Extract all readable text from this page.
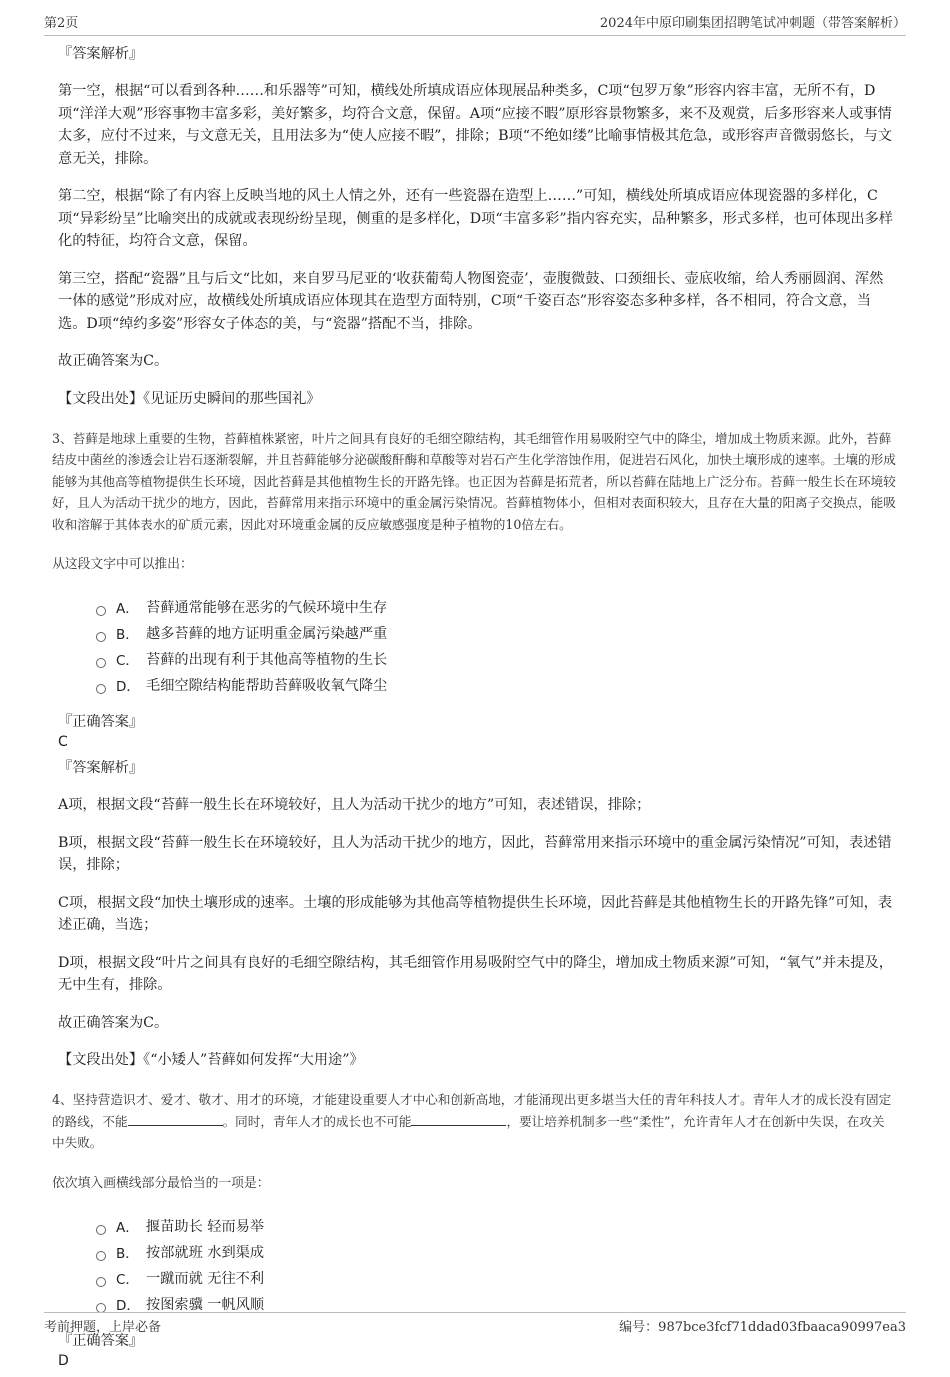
第2页	2024年中原印刷集团招聘笔试冲刺题（带答案解析）
『答案解析』

第一空，根据“可以看到各种……和乐器等”可知，横线处所填成语应体现展品种类多，C项“包罗万象”形容内容丰富，无所不有，D项“洋洋大观”形容事物丰富多彩，美好繁多，均符合文意，保留。A项“应接不暇”原形容景物繁多，来不及观赏，后多形容来人或事情太多，应付不过来，与文意无关，且用法多为“使人应接不暇”，排除；B项“不绝如缕”比喻事情极其危急，或形容声音微弱悠长，与文意无关，排除。

第二空，根据“除了有内容上反映当地的风土人情之外，还有一些瓷器在造型上……”可知，横线处所填成语应体现瓷器的多样化，C项“异彩纷呈”比喻突出的成就或表现纷纷呈现，侧重的是多样化，D项“丰富多彩”指内容充实，品种繁多，形式多样，也可体现出多样化的特征，均符合文意，保留。

第三空，搭配“瓷器”且与后文“比如，来自罗马尼亚的‘收获葡萄人物图瓷壶’，壶腹微鼓、口颈细长、壶底收缩，给人秀丽圆润、浑然一体的感觉”形成对应，故横线处所填成语应体现其在造型方面特别，C项“千姿百态”形容姿态多种多样，各不相同，符合文意，当选。D项“绰约多姿”形容女子体态的美，与“瓷器”搭配不当，排除。

故正确答案为C。

【文段出处】《见证历史瞬间的那些国礼》

3、苔藓是地球上重要的生物，苔藓植株紧密，叶片之间具有良好的毛细空隙结构，其毛细管作用易吸附空气中的降尘，增加成土物质来源。此外，苔藓结皮中菌丝的渗透会让岩石逐渐裂解，并且苔藓能够分泌碳酸酐酶和草酸等对岩石产生化学溶蚀作用，促进岩石风化，加快土壤形成的速率。土壤的形成能够为其他高等植物提供生长环境，因此苔藓是其他植物生长的开路先锋。也正因为苔藓是拓荒者，所以苔藓在陆地上广泛分布。苔藓一般生长在环境较好，且人为活动干扰少的地方，因此，苔藓常用来指示环境中的重金属污染情况。苔藓植物体小，但相对表面积较大，且存在大量的阳离子交换点，能吸收和溶解于其体表水的矿质元素，因此对环境重金属的反应敏感强度是种子植物的10倍左右。

从这段文字中可以推出：

A． 苔藓通常能够在恶劣的气候环境中生存
B． 越多苔藓的地方证明重金属污染越严重
C． 苔藓的出现有利于其他高等植物的生长
D． 毛细空隙结构能帮助苔藓吸收氧气降尘
『正确答案』
C
『答案解析』

A项，根据文段“苔藓一般生长在环境较好，且人为活动干扰少的地方”可知，表述错误，排除；

B项，根据文段“苔藓一般生长在环境较好，且人为活动干扰少的地方，因此，苔藓常用来指示环境中的重金属污染情况”可知，表述错误，排除；

C项，根据文段“加快土壤形成的速率。土壤的形成能够为其他高等植物提供生长环境，因此苔藓是其他植物生长的开路先锋”可知，表述正确，当选；

D项，根据文段“叶片之间具有良好的毛细空隙结构，其毛细管作用易吸附空气中的降尘，增加成土物质来源”可知，“氧气”并未提及，无中生有，排除。

故正确答案为C。

【文段出处】《“小矮人”苔藓如何发挥“大用途”》

4、坚持营造识才、爱才、敬才、用才的环境，才能建设重要人才中心和创新高地，才能涌现出更多堪当大任的青年科技人才。青年人才的成长没有固定的路线，不能	。同时，青年人才的成长也不可能	，要让培养机制多一些“柔性”，允许青年人才在创新中失误，在攻关中失败。

依次填入画横线部分最恰当的一项是：

A． 揠苗助长 轻而易举
B． 按部就班 水到渠成
C． 一蹴而就 无往不利
D． 按图索骥 一帆风顺
『正确答案』
D
考前押题，上岸必备	编号：987bce3fcf71ddad03fbaaca90997ea3
